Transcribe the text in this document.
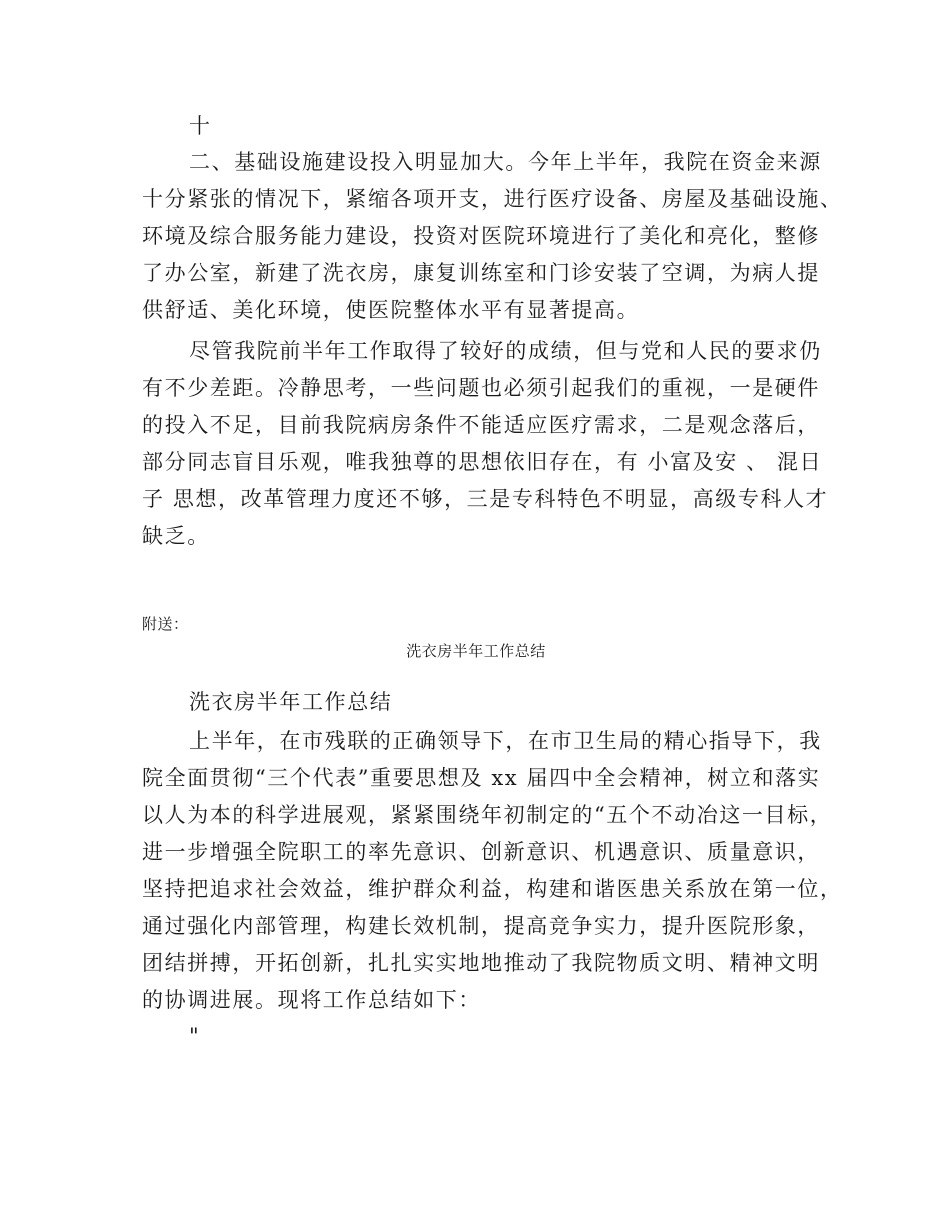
十
二、基础设施建设投入明显加大。今年上半年，我院在资金来源
十分紧张的情况下，紧缩各项开支，进行医疗设备、房屋及基础设施、
环境及综合服务能力建设，投资对医院环境进行了美化和亮化，整修
了办公室，新建了洗衣房，康复训练室和门诊安装了空调，为病人提
供舒适、美化环境，使医院整体水平有显著提高。
尽管我院前半年工作取得了较好的成绩，但与党和人民的要求仍
有不少差距。冷静思考，一些问题也必须引起我们的重视，一是硬件
的投入不足，目前我院病房条件不能适应医疗需求，二是观念落后，
部分同志盲目乐观，唯我独尊的思想依旧存在，有 小富及安 、 混日
子 思想，改革管理力度还不够，三是专科特色不明显，高级专科人才
缺乏。
附送：
洗衣房半年工作总结
洗衣房半年工作总结
上半年，在市残联的正确领导下，在市卫生局的精心指导下，我
院全面贯彻“三个代表”重要思想及 xx 届四中全会精神，树立和落实
以人为本的科学进展观，紧紧围绕年初制定的“五个不动冶这一目标，
进一步增强全院职工的率先意识、创新意识、机遇意识、质量意识，
坚持把追求社会效益，维护群众利益，构建和谐医患关系放在第一位，
通过强化内部管理，构建长效机制，提高竞争实力，提升医院形象，
团结拼搏，开拓创新，扎扎实实地地推动了我院物质文明、精神文明
的协调进展。现将工作总结如下：
"
